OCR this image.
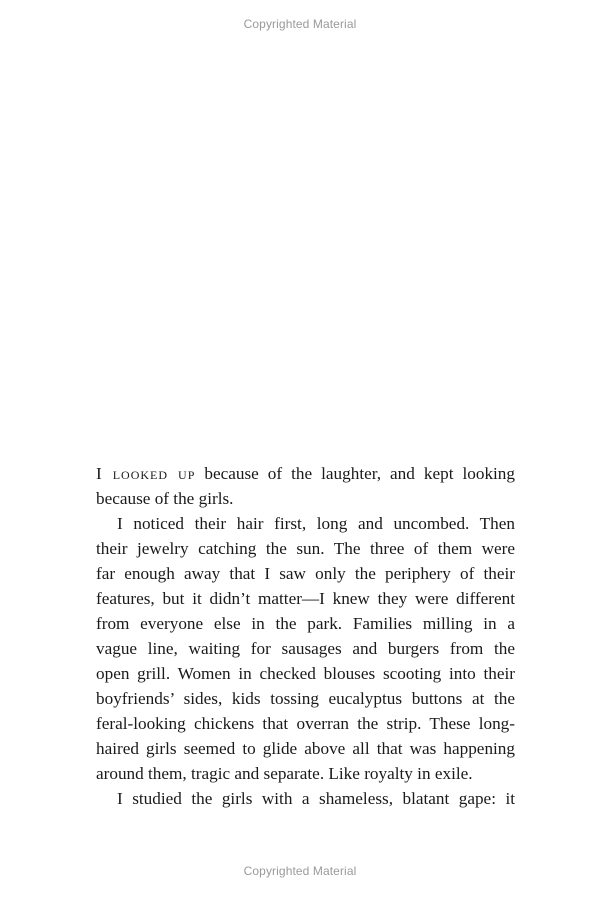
Copyrighted Material
I looked up because of the laughter, and kept looking
because of the girls.
I noticed their hair first, long and uncombed. Then
their jewelry catching the sun. The three of them were
far enough away that I saw only the periphery of their
features, but it didn’t matter—I knew they were different
from everyone else in the park. Families milling in a
vague line, waiting for sausages and burgers from the
open grill. Women in checked blouses scooting into their
boyfriends’ sides, kids tossing eucalyptus buttons at the
feral-looking chickens that overran the strip. These long-
haired girls seemed to glide above all that was happening
around them, tragic and separate. Like royalty in exile.
I studied the girls with a shameless, blatant gape: it
Copyrighted Material
